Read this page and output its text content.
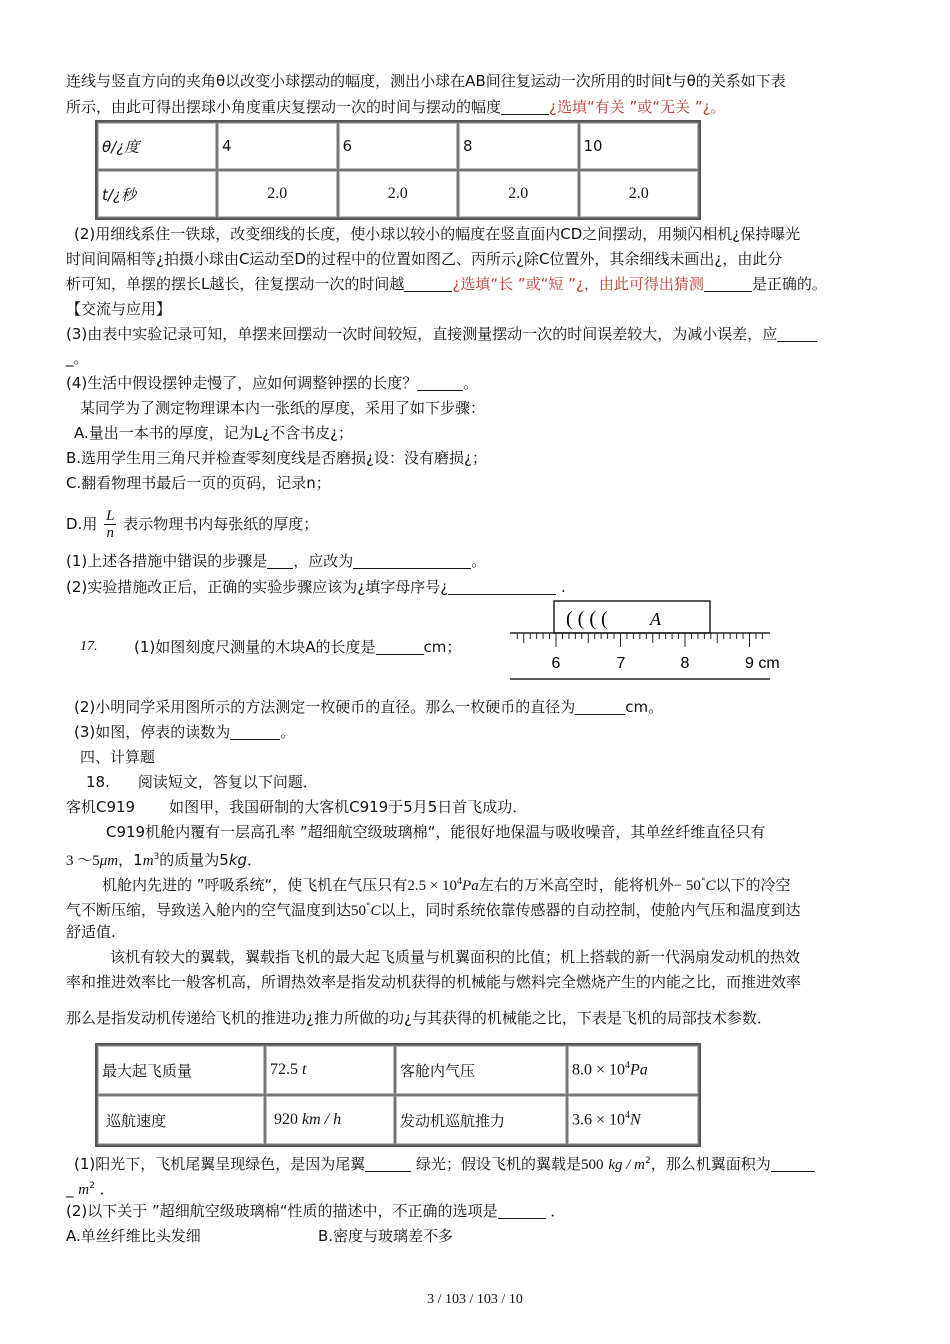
连线与竖直方向的夹角θ以改变小球摆动的幅度，测出小球在AB间往复运动一次所用的时间t与θ的关系如下表
所示，由此可得出摆球小角度重庆复摆动一次的时间与摆动的幅度	¿选填“有关 ”或“无关 ”¿。
θ/¿度	4	6	8	10
t/¿秒	2.0	2.0	2.0	2.0
(2)用细线系住一铁球，改变细线的长度，使小球以较小的幅度在竖直面内CD之间摆动，用频闪相机¿保持曝光
时间间隔相等¿拍摄小球由C运动至D的过程中的位置如图乙、丙所示¿除C位置外，其余细线未画出¿，由此分
析可知，单摆的摆长L越长，往复摆动一次的时间越	¿选填“长 ”或“短 ”¿，由此可得出猜测	是正确的。
【交流与应用】
(3)由表中实验记录可知，单摆来回摆动一次时间较短，直接测量摆动一次的时间误差较大，为减小误差，应
_。
(4)生活中假设摆钟走慢了，应如何调整钟摆的长度？	。
某同学为了测定物理课本内一张纸的厚度，采用了如下步骤：
A.量出一本书的厚度，记为L¿不含书皮¿；
B.选用学生用三角尺并检查零刻度线是否磨损¿设：没有磨损¿；
C.翻看物理书最后一页的页码，记录n；
D.用 $\frac{L}{n}$ 表示物理书内每张纸的厚度；
(1)上述各措施中错误的步骤是 ，应改为	。
(2)实验措施改正后，正确的实验步骤应该为¿填字母序号¿	.
17. (1)如图刻度尺测量的木块A的长度是	cm；
( ( ( ( A
6	7	8	9 cm
(2)小明同学采用图所示的方法测定一枚硬币的直径。那么一枚硬币的直径为	cm。
(3)如图，停表的读数为	。
四、计算题
18. 阅读短文，答复以下问题．
客机C919 如图甲，我国研制的大客机C919于5月5日首飞成功．
C919机舱内覆有一层高孔率 ”超细航空级玻璃棉“，能很好地保温与吸收噪音，其单丝纤维直径只有
3 ～5μm，$1m^3$的质量为5kg．
机舱内先进的 ”呼吸系统“，使飞机在气压只有$2.5 \times 10^4Pa$左右的万米高空时，能将机外− 50°C以下的冷空
气不断压缩，导致送入舱内的空气温度到达50°C以上，同时系统依靠传感器的自动控制，使舱内气压和温度到达
舒适值.
该机有较大的翼载，翼载指飞机的最大起飞质量与机翼面积的比值；机上搭载的新一代涡扇发动机的热效
率和推进效率比一般客机高，所谓热效率是指发动机获得的机械能与燃料完全燃烧产生的内能之比，而推进效率
那么是指发动机传递给飞机的推进功¿推力所做的功¿与其获得的机械能之比，下表是飞机的局部技术参数．
最大起飞质量	72.5 t	客舱内气压	$8.0 \times 10^4Pa$
巡航速度	920 km / h	发动机巡航推力	$3.6 \times 10^4N$
(1)阳光下，飞机尾翼呈现绿色，是因为尾翼	绿光；假设飞机的翼载是500 kg / $m^2$，那么机翼面积为
_ $m^2$ ．
(2)以下关于 ”超细航空级玻璃棉“性质的描述中，不正确的选项是	．
A.单丝纤维比头发细	B.密度与玻璃差不多
3 / 103 / 103 / 10
